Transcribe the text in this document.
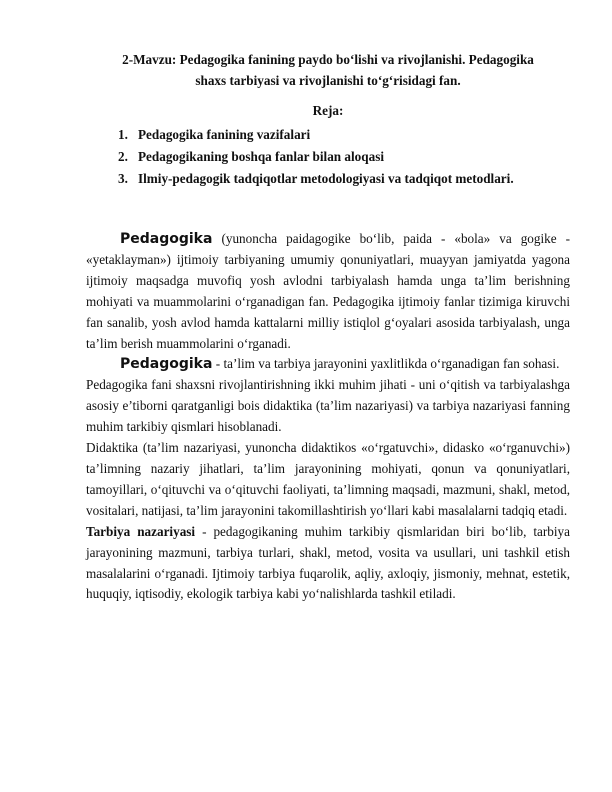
2-Mavzu: Pedagogika fanining paydo bo‘lishi va rivojlanishi. Pedagogika
shaxs tarbiyasi va rivojlanishi to‘g‘risidagi fan.
Reja:
1. Pedagogika fanining vazifalari
2. Pedagogikaning boshqa fanlar bilan aloqasi
3. Ilmiy-pedagogik tadqiqotlar metodologiyasi va tadqiqot metodlari.

Pedagogika (yunoncha paidagogike bo‘lib, paida - «bola» va gogike - «yetaklayman») ijtimoiy tarbiyaning umumiy qonuniyatlari, muayyan jamiyatda yagona ijtimoiy maqsadga muvofiq yosh avlodni tarbiyalash hamda unga ta’lim berishning mohiyati va muammolarini o‘rganadigan fan. Pedagogika ijtimoiy fanlar tizimiga kiruvchi fan sanalib, yosh avlod hamda kattalarni milliy istiqlol g‘oyalari asosida tarbiyalash, unga ta’lim berish muammolarini o‘rganadi.

Pedagogika - ta’lim va tarbiya jarayonini yaxlitlikda o‘rganadigan fan sohasi.

Pedagogika fani shaxsni rivojlantirishning ikki muhim jihati - uni o‘qitish va tarbiyalashga asosiy e’tiborni qaratganligi bois didaktika (ta’lim nazariyasi) va tarbiya nazariyasi fanning muhim tarkibiy qismlari hisoblanadi.

Didaktika (ta’lim nazariyasi, yunoncha didaktikos «o‘rgatuvchi», didasko «o‘rganuvchi») ta’limning nazariy jihatlari, ta’lim jarayonining mohiyati, qonun va qonuniyatlari, tamoyillari, o‘qituvchi va o‘qituvchi faoliyati, ta’limning maqsadi, mazmuni, shakl, metod, vositalari, natijasi, ta’lim jarayonini takomillashtirish yo‘llari kabi masalalarni tadqiq etadi.

Tarbiya nazariyasi - pedagogikaning muhim tarkibiy qismlaridan biri bo‘lib, tarbiya jarayonining mazmuni, tarbiya turlari, shakl, metod, vosita va usullari, uni tashkil etish masalalarini o‘rganadi. Ijtimoiy tarbiya fuqarolik, aqliy, axloqiy, jismoniy, mehnat, estetik, huquqiy, iqtisodiy, ekologik tarbiya kabi yo‘nalishlarda tashkil etiladi.
